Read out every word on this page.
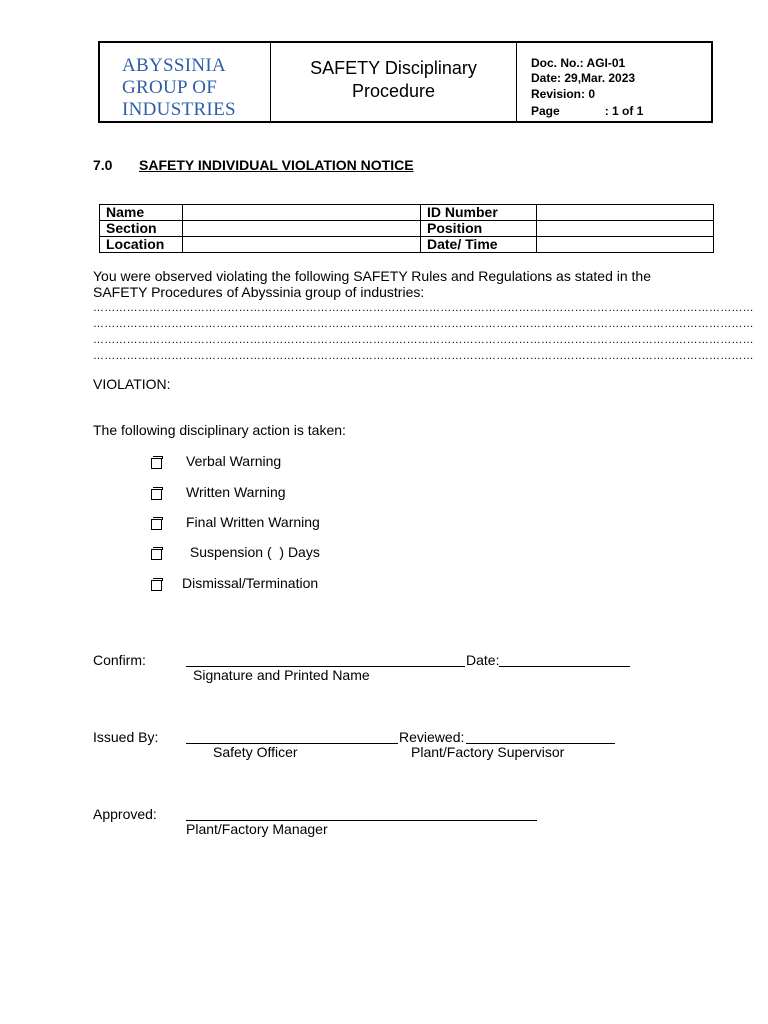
ABYSSINIA
GROUP OF
INDUSTRIES
SAFETY Disciplinary
Procedure
Doc. No.: AGI-01
Date: 29,Mar. 2023
Revision: 0
Page	: 1 of 1
7.0 SAFETY INDIVIDUAL VIOLATION NOTICE
Name		ID Number	
Section		Position	
Location		Date/ Time	
You were observed violating the following SAFETY Rules and Regulations as stated in the
SAFETY Procedures of Abyssinia group of industries:
……………………………………………………………………………………………………………………………………………………………
……………………………………………………………………………………………………………………………………………………………
……………………………………………………………………………………………………………………………………………………………
……………………………………………………………………………………………………………………………………………………………
VIOLATION:
The following disciplinary action is taken:
Verbal Warning
Written Warning
Final Written Warning
Suspension (  ) Days
Dismissal/Termination
Confirm:	Date:
Signature and Printed Name
Issued By:	Reviewed:
Safety Officer	Plant/Factory Supervisor
Approved:
Plant/Factory Manager
